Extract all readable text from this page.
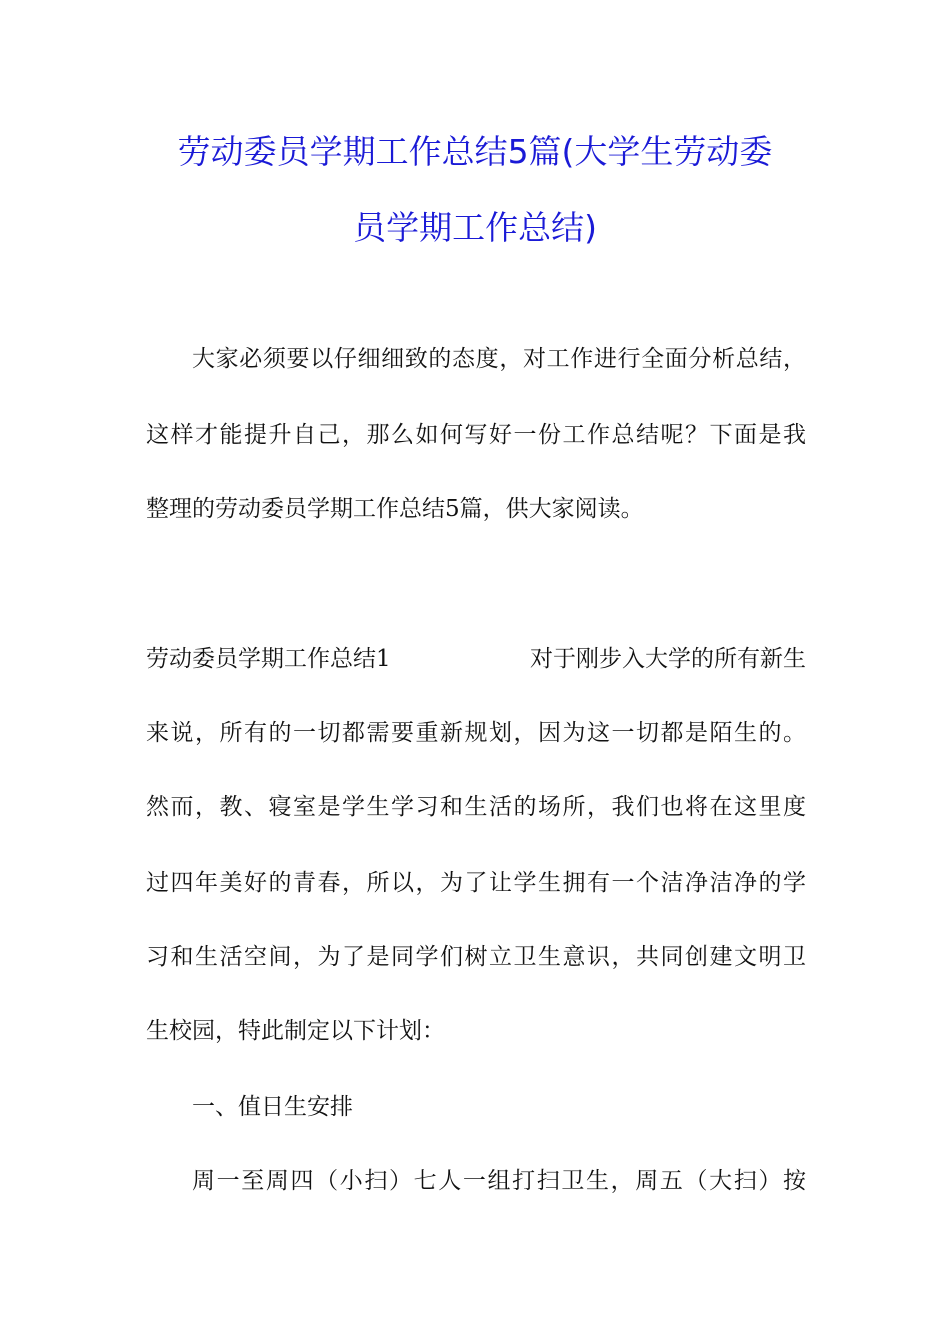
劳动委员学期工作总结5篇(大学生劳动委
员学期工作总结)
大家必须要以仔细细致的态度，对工作进行全面分析总结，
这样才能提升自己，那么如何写好一份工作总结呢？下面是我
整理的劳动委员学期工作总结5篇，供大家阅读。
劳动委员学期工作总结1	对于刚步入大学的所有新生
来说，所有的一切都需要重新规划，因为这一切都是陌生的。
然而，教、寝室是学生学习和生活的场所，我们也将在这里度
过四年美好的青春，所以，为了让学生拥有一个洁净洁净的学
习和生活空间，为了是同学们树立卫生意识，共同创建文明卫
生校园，特此制定以下计划：
一、值日生安排
周一至周四（小扫）七人一组打扫卫生，周五（大扫）按
